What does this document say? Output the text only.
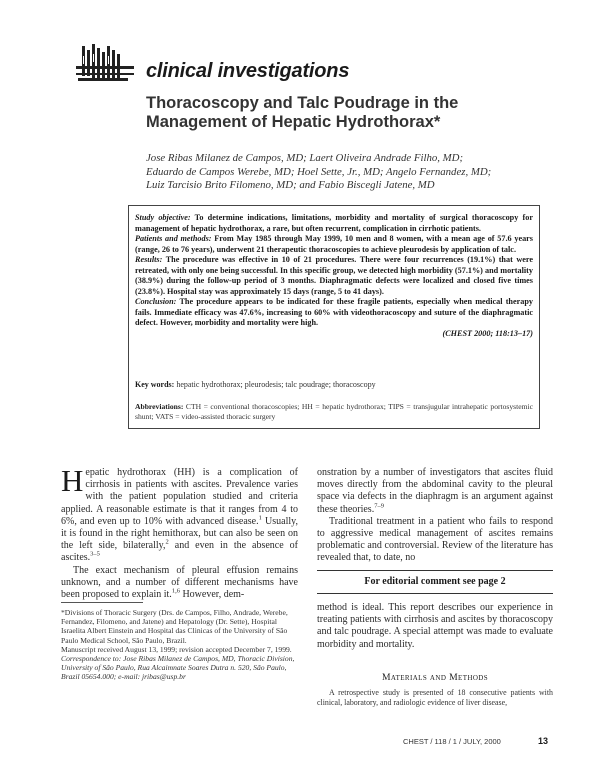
clinical investigations
Thoracoscopy and Talc Poudrage in the
Management of Hepatic Hydrothorax*
Jose Ribas Milanez de Campos, MD; Laert Oliveira Andrade Filho, MD;
Eduardo de Campos Werebe, MD; Hoel Sette, Jr., MD; Angelo Fernandez, MD;
Luiz Tarcisio Brito Filomeno, MD; and Fabio Biscegli Jatene, MD

Study objective: To determine indications, limitations, morbidity and mortality of surgical thoracoscopy for management of hepatic hydrothorax, a rare, but often recurrent, complication in cirrhotic patients.

Patients and methods: From May 1985 through May 1999, 10 men and 8 women, with a mean age of 57.6 years (range, 26 to 76 years), underwent 21 therapeutic thoracoscopies to achieve pleurodesis by application of talc.

Results: The procedure was effective in 10 of 21 procedures. There were four recurrences (19.1%) that were retreated, with only one being successful. In this specific group, we detected high morbidity (57.1%) and mortality (38.9%) during the follow-up period of 3 months. Diaphragmatic defects were localized and closed five times (23.8%). Hospital stay was approximately 15 days (range, 5 to 41 days).

Conclusion: The procedure appears to be indicated for these fragile patients, especially when medical therapy fails. Immediate efficacy was 47.6%, increasing to 60% with videothoracoscopy and suture of the diaphragmatic defect. However, morbidity and mortality were high.

(CHEST 2000; 118:13–17)

Key words: hepatic hydrothorax; pleurodesis; talc poudrage; thoracoscopy
Abbreviations: CTH = conventional thoracoscopies; HH = hepatic hydrothorax; TIPS = transjugular intrahepatic portosystemic shunt; VATS = video-assisted thoracic surgery

Hepatic hydrothorax (HH) is a complication of cirrhosis in patients with ascites. Prevalence varies with the patient population studied and criteria applied. A reasonable estimate is that it ranges from 4 to 6%, and even up to 10% with advanced disease.$^1$ Usually, it is found in the right hemithorax, but can also be seen on the left side, bilaterally,$^2$ and even in the absence of ascites.$^{3-5}$

The exact mechanism of pleural effusion remains unknown, and a number of different mechanisms have been proposed to explain it.$^{1,6}$ However, dem-

*Divisions of Thoracic Surgery (Drs. de Campos, Filho, Andrade, Werebe, Fernandez, Filomeno, and Jatene) and Hepatology (Dr. Sette), Hospital Israelita Albert Einstein and Hospital das Clinicas of the University of São Paulo Medical School, São Paulo, Brazil.

Manuscript received August 13, 1999; revision accepted December 7, 1999.

Correspondence to: Jose Ribas Milanez de Campos, MD, Thoracic Division, University of São Paulo, Rua Alcaimnate Soares Dutra n. 520, São Paulo, Brazil 05654.000; e-mail: jribas@usp.br

onstration by a number of investigators that ascites fluid moves directly from the abdominal cavity to the pleural space via defects in the diaphragm is an argument against these theories.$^{7-9}$

Traditional treatment in a patient who fails to respond to aggressive medical management of ascites remains problematic and controversial. Review of the literature has revealed that, to date, no

For editorial comment see page 2

method is ideal. This report describes our experience in treating patients with cirrhosis and ascites by thoracoscopy and talc poudrage. A special attempt was made to evaluate morbidity and mortality.

Materials and Methods
A retrospective study is presented of 18 consecutive patients with clinical, laboratory, and radiologic evidence of liver disease,
CHEST / 118 / 1 / JULY, 2000	13
